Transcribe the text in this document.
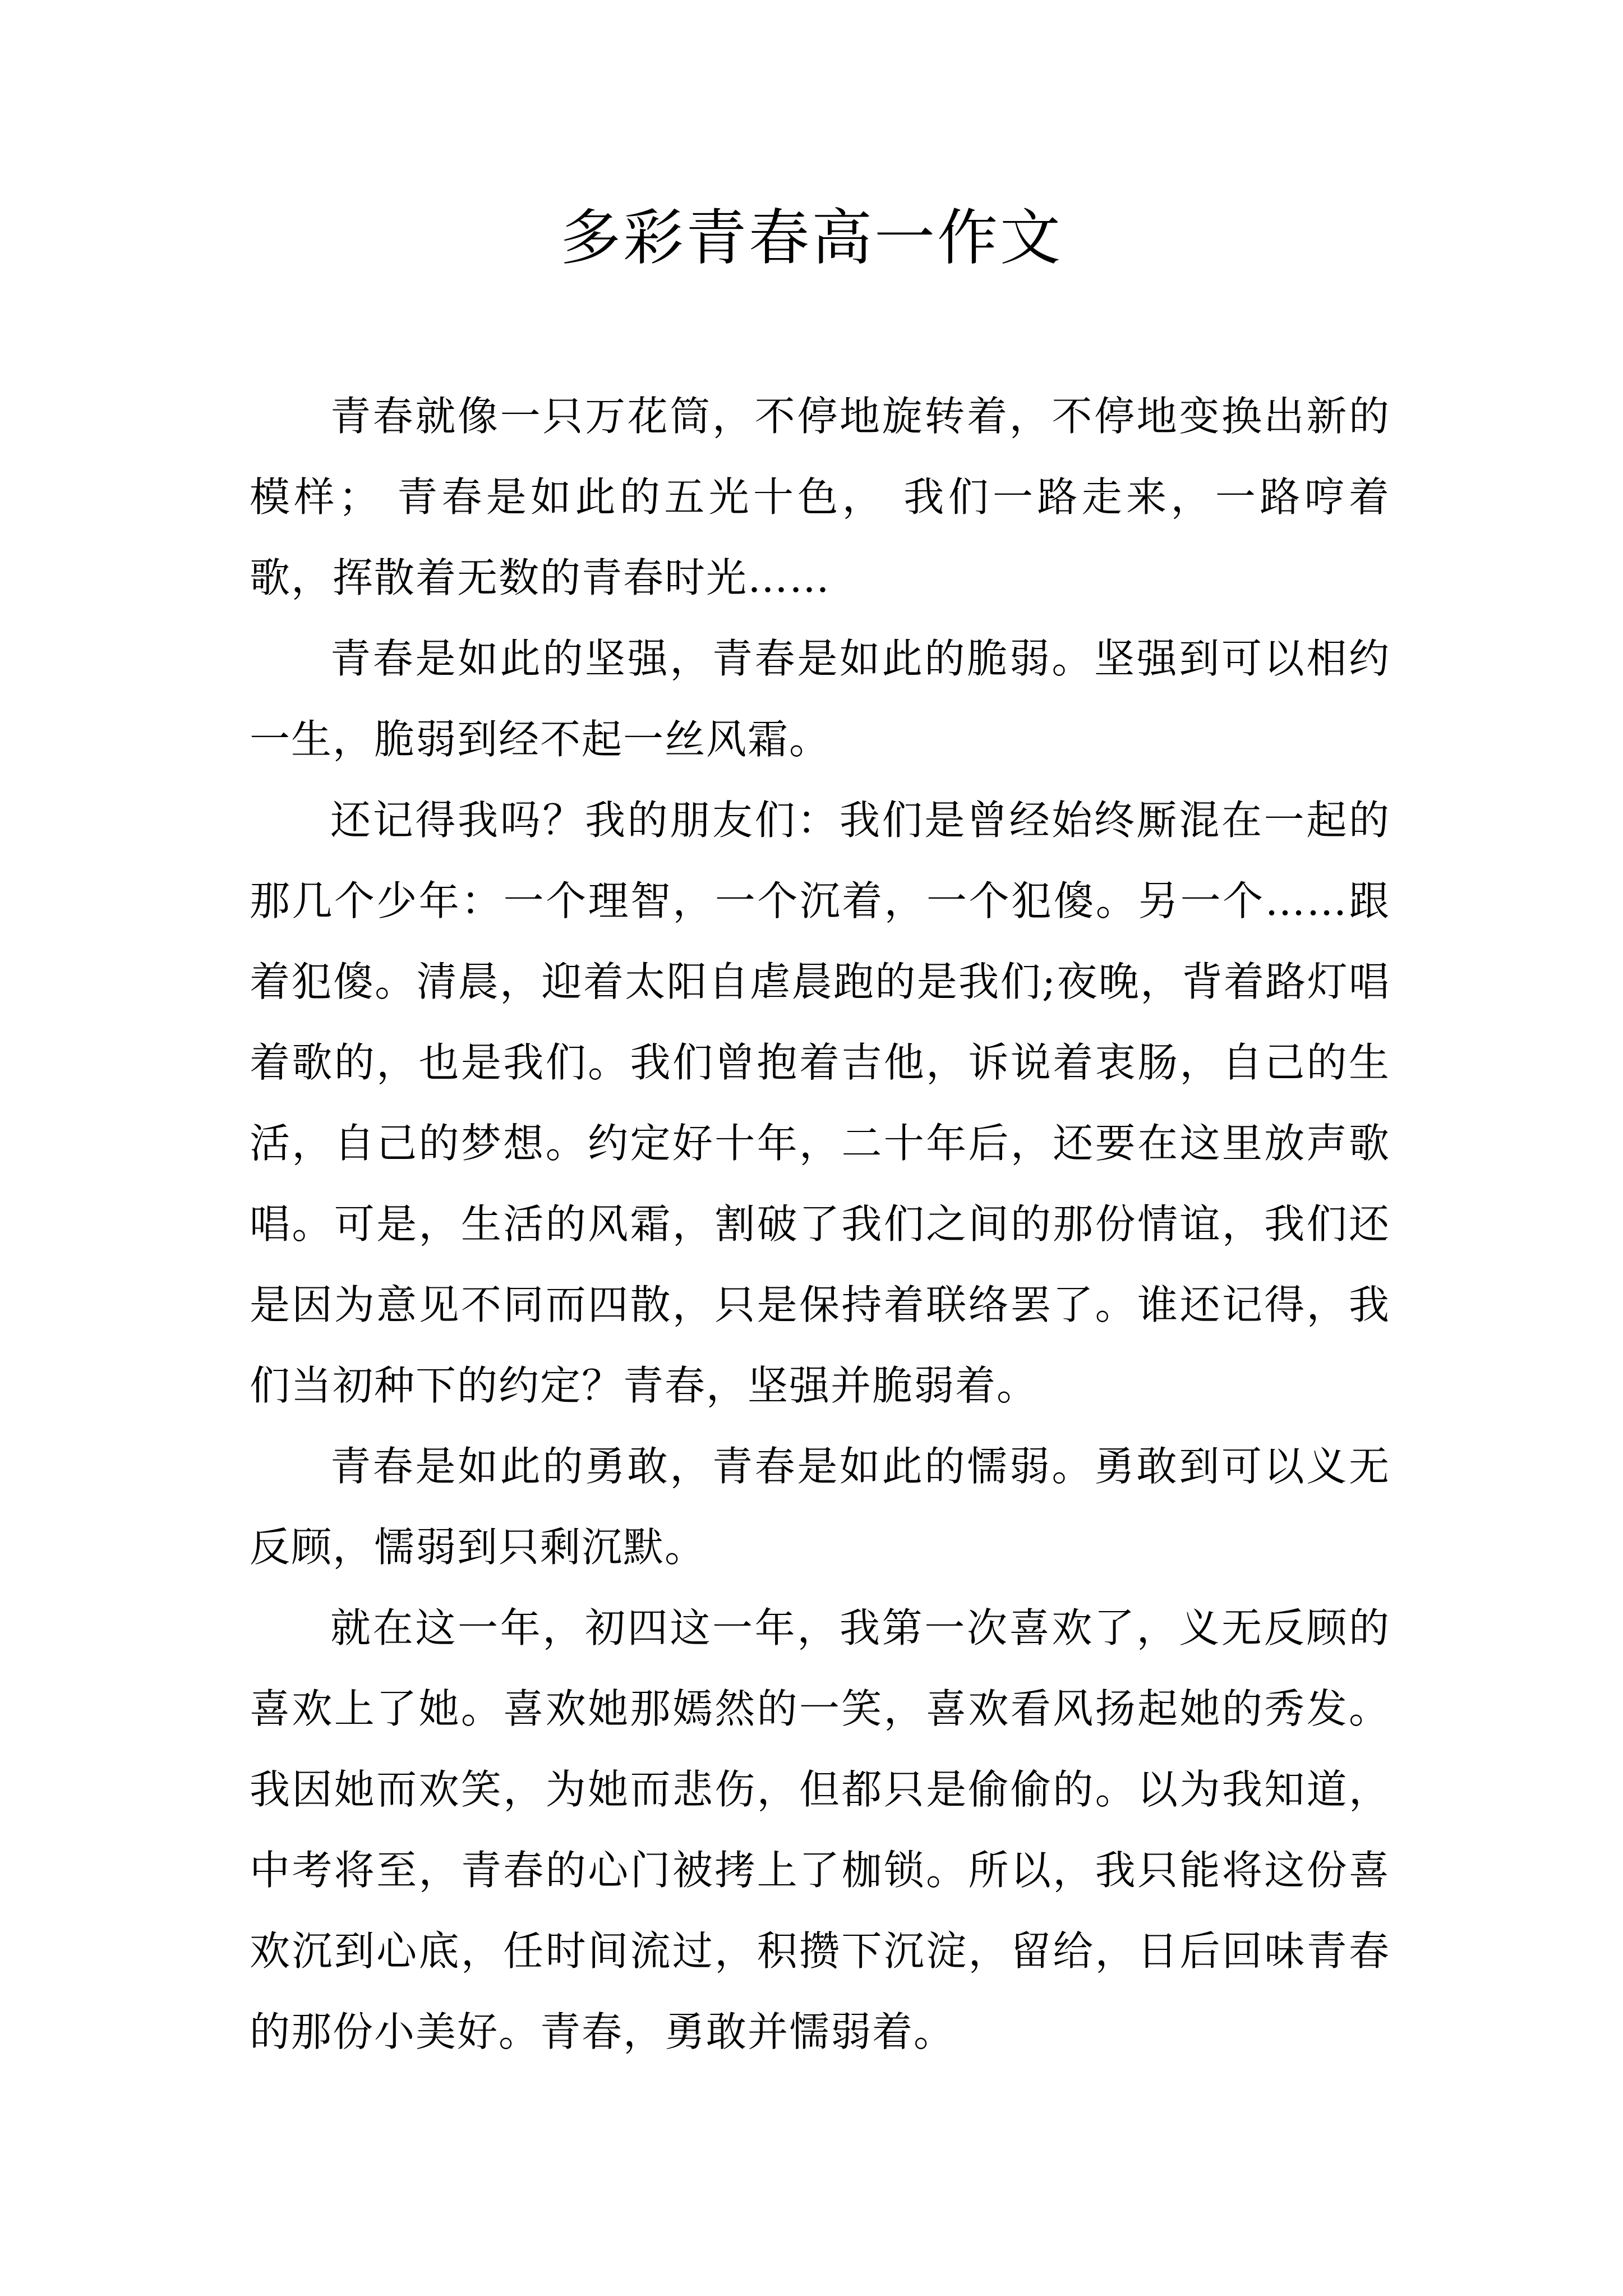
多彩青春高一作文

青春就像一只万花筒，不停地旋转着，不停地变换出新的模样； 青春是如此的五光十色， 我们一路走来，一路哼着歌，挥散着无数的青春时光……

青春是如此的坚强，青春是如此的脆弱。坚强到可以相约一生，脆弱到经不起一丝风霜。

还记得我吗？我的朋友们：我们是曾经始终厮混在一起的那几个少年：一个理智，一个沉着，一个犯傻。另一个……跟着犯傻。清晨，迎着太阳自虐晨跑的是我们;夜晚，背着路灯唱着歌的，也是我们。我们曾抱着吉他，诉说着衷肠，自己的生活，自己的梦想。约定好十年，二十年后，还要在这里放声歌唱。可是，生活的风霜，割破了我们之间的那份情谊，我们还是因为意见不同而四散，只是保持着联络罢了。谁还记得，我们当初种下的约定？青春，坚强并脆弱着。

青春是如此的勇敢，青春是如此的懦弱。勇敢到可以义无反顾，懦弱到只剩沉默。

就在这一年，初四这一年，我第一次喜欢了，义无反顾的喜欢上了她。喜欢她那嫣然的一笑，喜欢看风扬起她的秀发。我因她而欢笑，为她而悲伤，但都只是偷偷的。以为我知道，中考将至，青春的心门被拷上了枷锁。所以，我只能将这份喜欢沉到心底，任时间流过，积攒下沉淀，留给，日后回味青春的那份小美好。青春，勇敢并懦弱着。
